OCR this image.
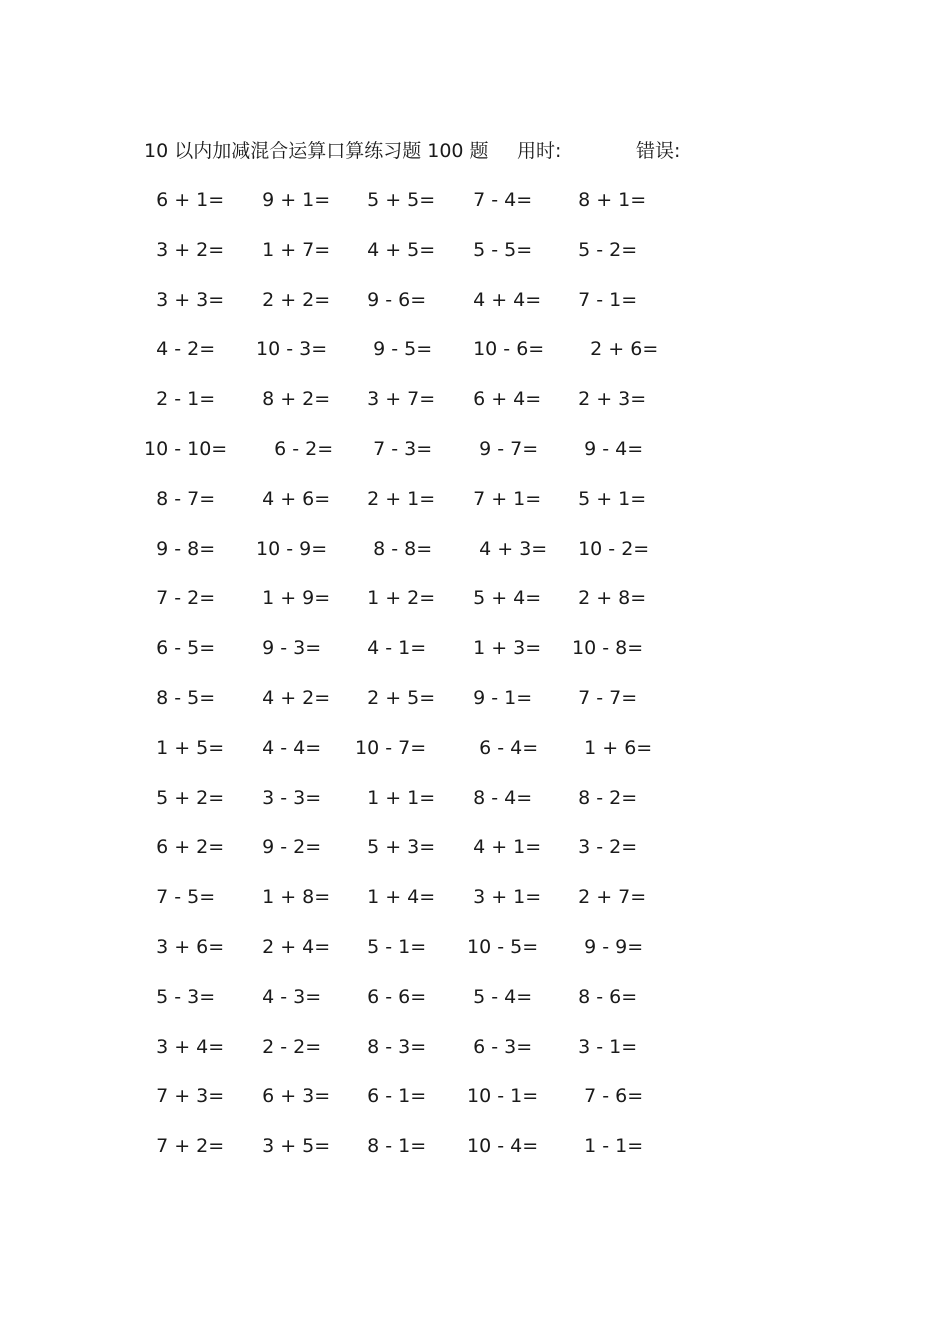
10 以内加减混合运算口算练习题 100 题 用时:	错误:
6 + 1= 9 + 1= 5 + 5= 7 - 4= 8 + 1=
3 + 2= 1 + 7= 4 + 5= 5 - 5= 5 - 2=
3 + 3= 2 + 2= 9 - 6= 4 + 4= 7 - 1=
4 - 2= 10 - 3= 9 - 5= 10 - 6= 2 + 6=
2 - 1= 8 + 2= 3 + 7= 6 + 4= 2 + 3=
10 - 10= 6 - 2= 7 - 3= 9 - 7= 9 - 4=
8 - 7= 4 + 6= 2 + 1= 7 + 1= 5 + 1=
9 - 8= 10 - 9= 8 - 8= 4 + 3= 10 - 2=
7 - 2= 1 + 9= 1 + 2= 5 + 4= 2 + 8=
6 - 5= 9 - 3= 4 - 1= 1 + 3= 10 - 8=
8 - 5= 4 + 2= 2 + 5= 9 - 1= 7 - 7=
1 + 5= 4 - 4= 10 - 7= 6 - 4= 1 + 6=
5 + 2= 3 - 3= 1 + 1= 8 - 4= 8 - 2=
6 + 2= 9 - 2= 5 + 3= 4 + 1= 3 - 2=
7 - 5= 1 + 8= 1 + 4= 3 + 1= 2 + 7=
3 + 6= 2 + 4= 5 - 1= 10 - 5= 9 - 9=
5 - 3= 4 - 3= 6 - 6= 5 - 4= 8 - 6=
3 + 4= 2 - 2= 8 - 3= 6 - 3= 3 - 1=
7 + 3= 6 + 3= 6 - 1= 10 - 1= 7 - 6=
7 + 2= 3 + 5= 8 - 1= 10 - 4= 1 - 1=
